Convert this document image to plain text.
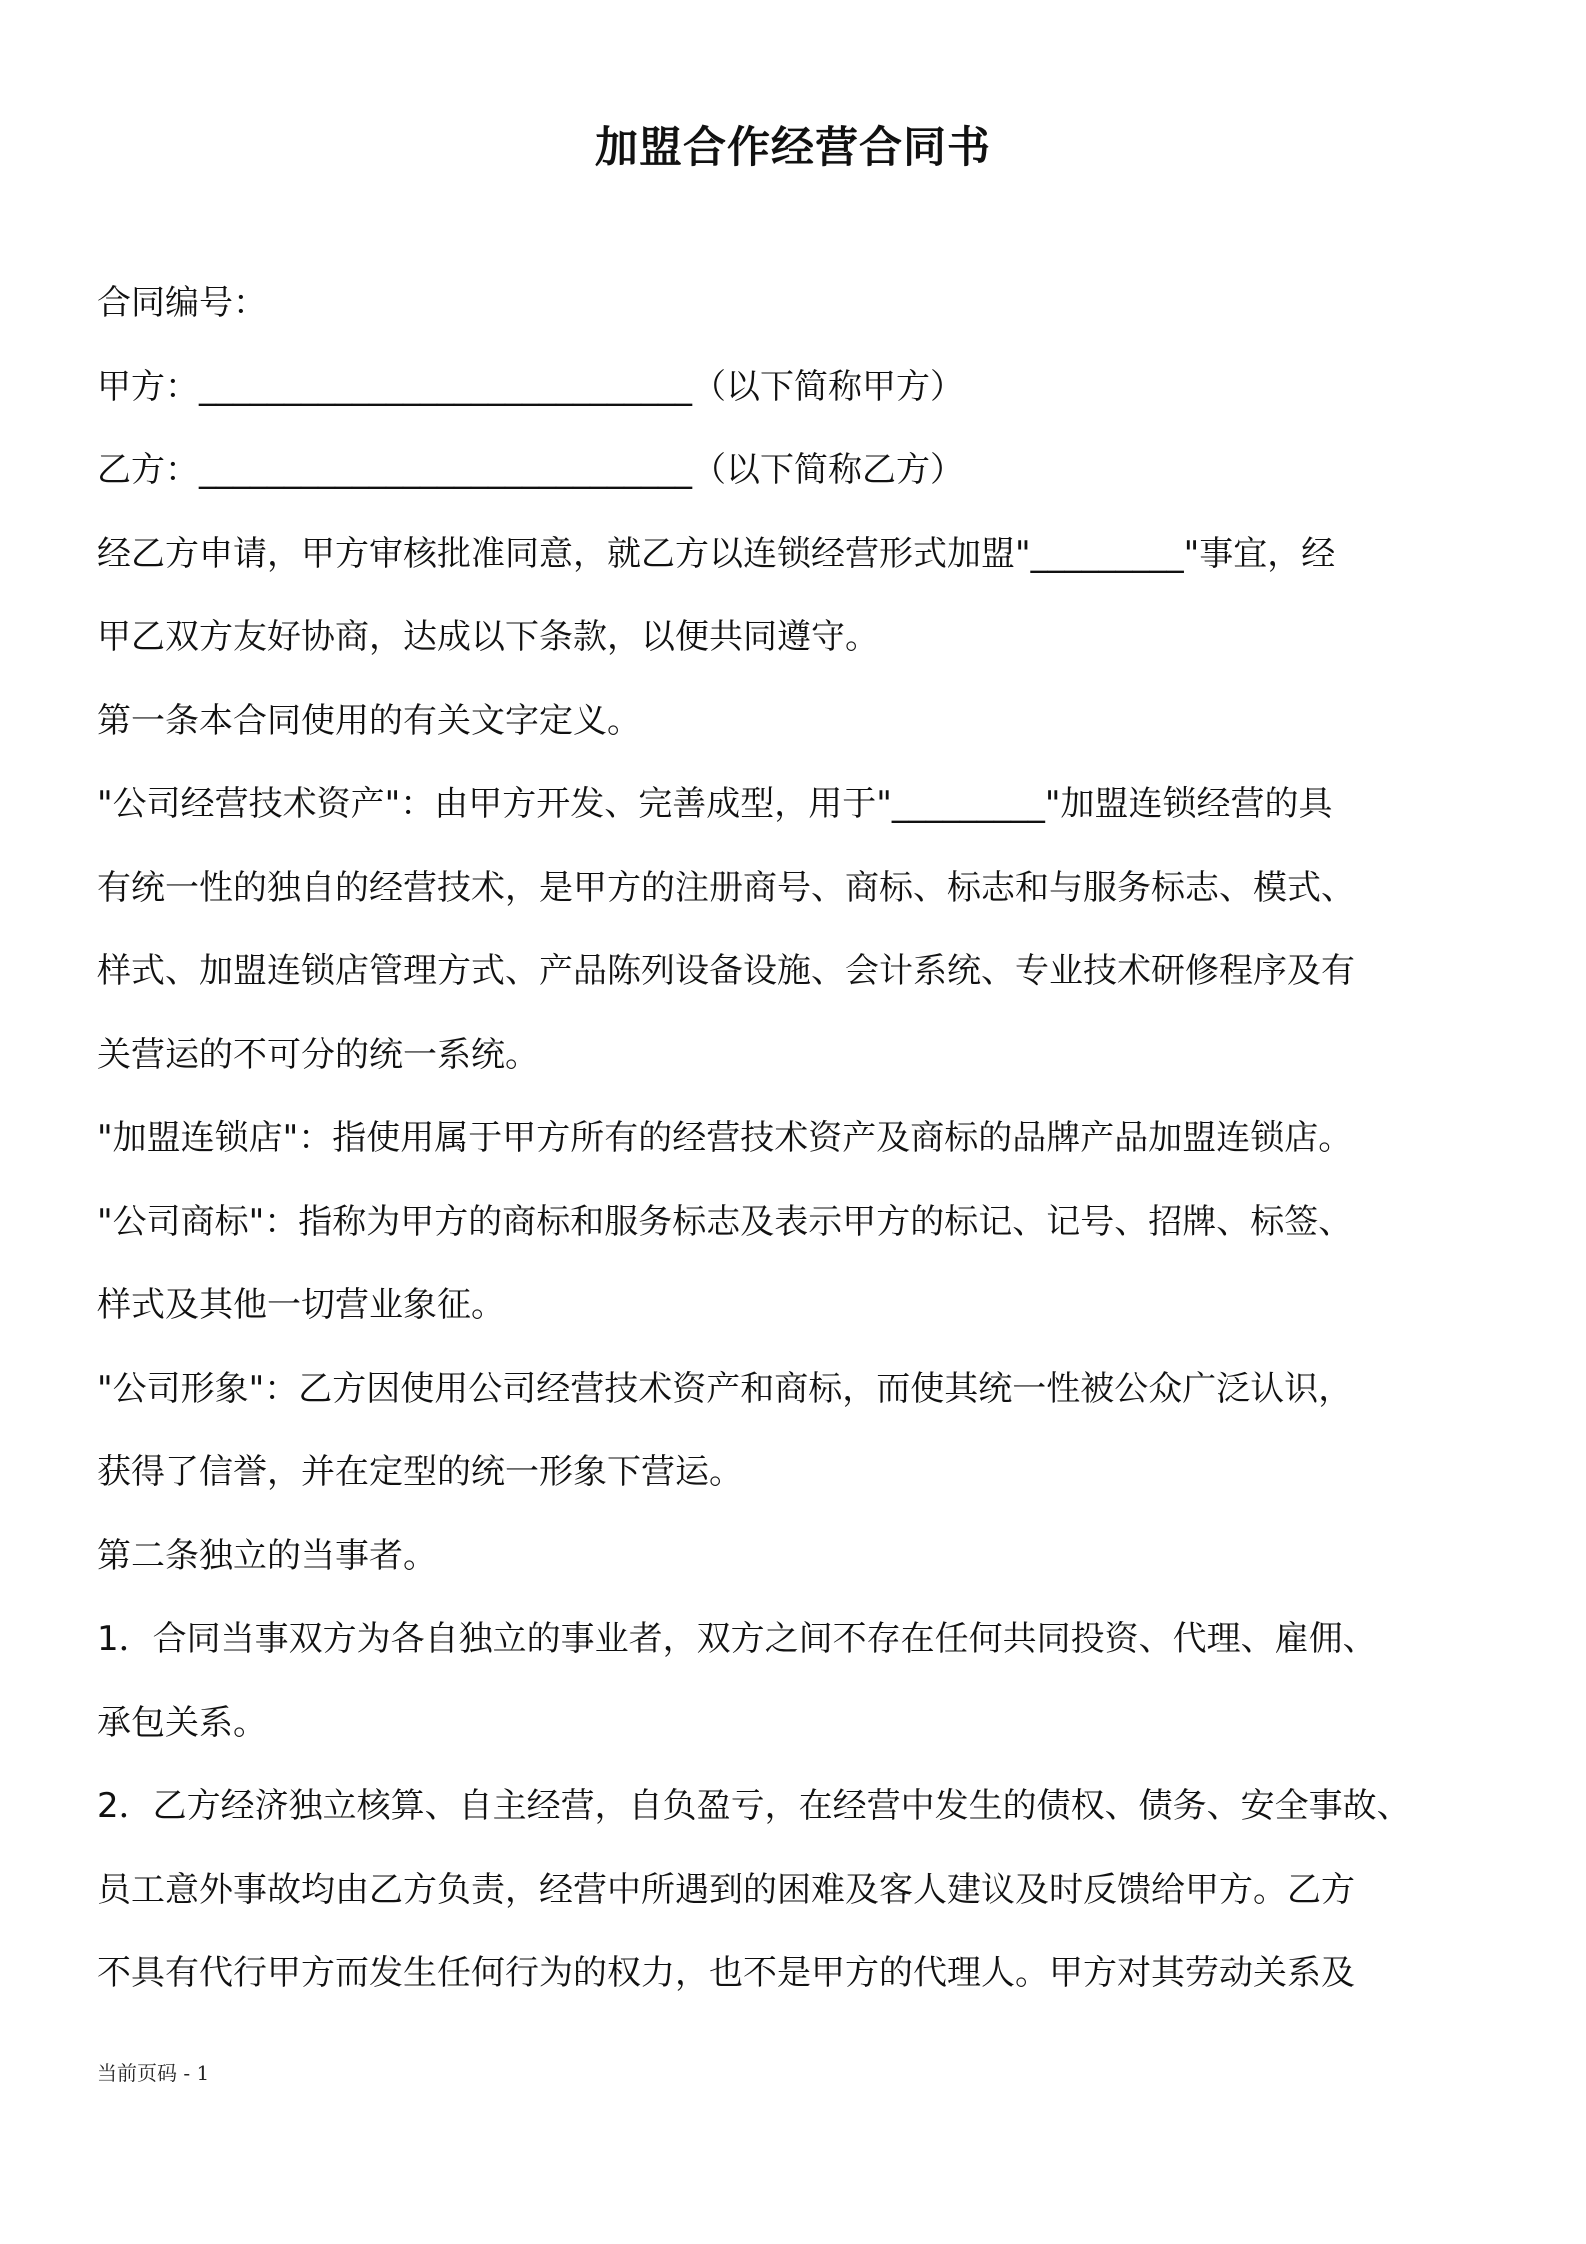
加盟合作经营合同书
合同编号：
甲方：_____________________________（以下简称甲方）
乙方：_____________________________（以下简称乙方）
经乙方申请，甲方审核批准同意，就乙方以连锁经营形式加盟"_________"事宜，经
甲乙双方友好协商，达成以下条款，以便共同遵守。
第一条本合同使用的有关文字定义。
"公司经营技术资产"：由甲方开发、完善成型，用于"_________"加盟连锁经营的具
有统一性的独自的经营技术，是甲方的注册商号、商标、标志和与服务标志、模式、
样式、加盟连锁店管理方式、产品陈列设备设施、会计系统、专业技术研修程序及有
关营运的不可分的统一系统。
"加盟连锁店"：指使用属于甲方所有的经营技术资产及商标的品牌产品加盟连锁店。
"公司商标"：指称为甲方的商标和服务标志及表示甲方的标记、记号、招牌、标签、
样式及其他一切营业象征。
"公司形象"：乙方因使用公司经营技术资产和商标，而使其统一性被公众广泛认识，
获得了信誉，并在定型的统一形象下营运。
第二条独立的当事者。
1．合同当事双方为各自独立的事业者，双方之间不存在任何共同投资、代理、雇佣、
承包关系。
2．乙方经济独立核算、自主经营，自负盈亏，在经营中发生的债权、债务、安全事故、
员工意外事故均由乙方负责，经营中所遇到的困难及客人建议及时反馈给甲方。乙方
不具有代行甲方而发生任何行为的权力，也不是甲方的代理人。甲方对其劳动关系及
当前页码 - 1
